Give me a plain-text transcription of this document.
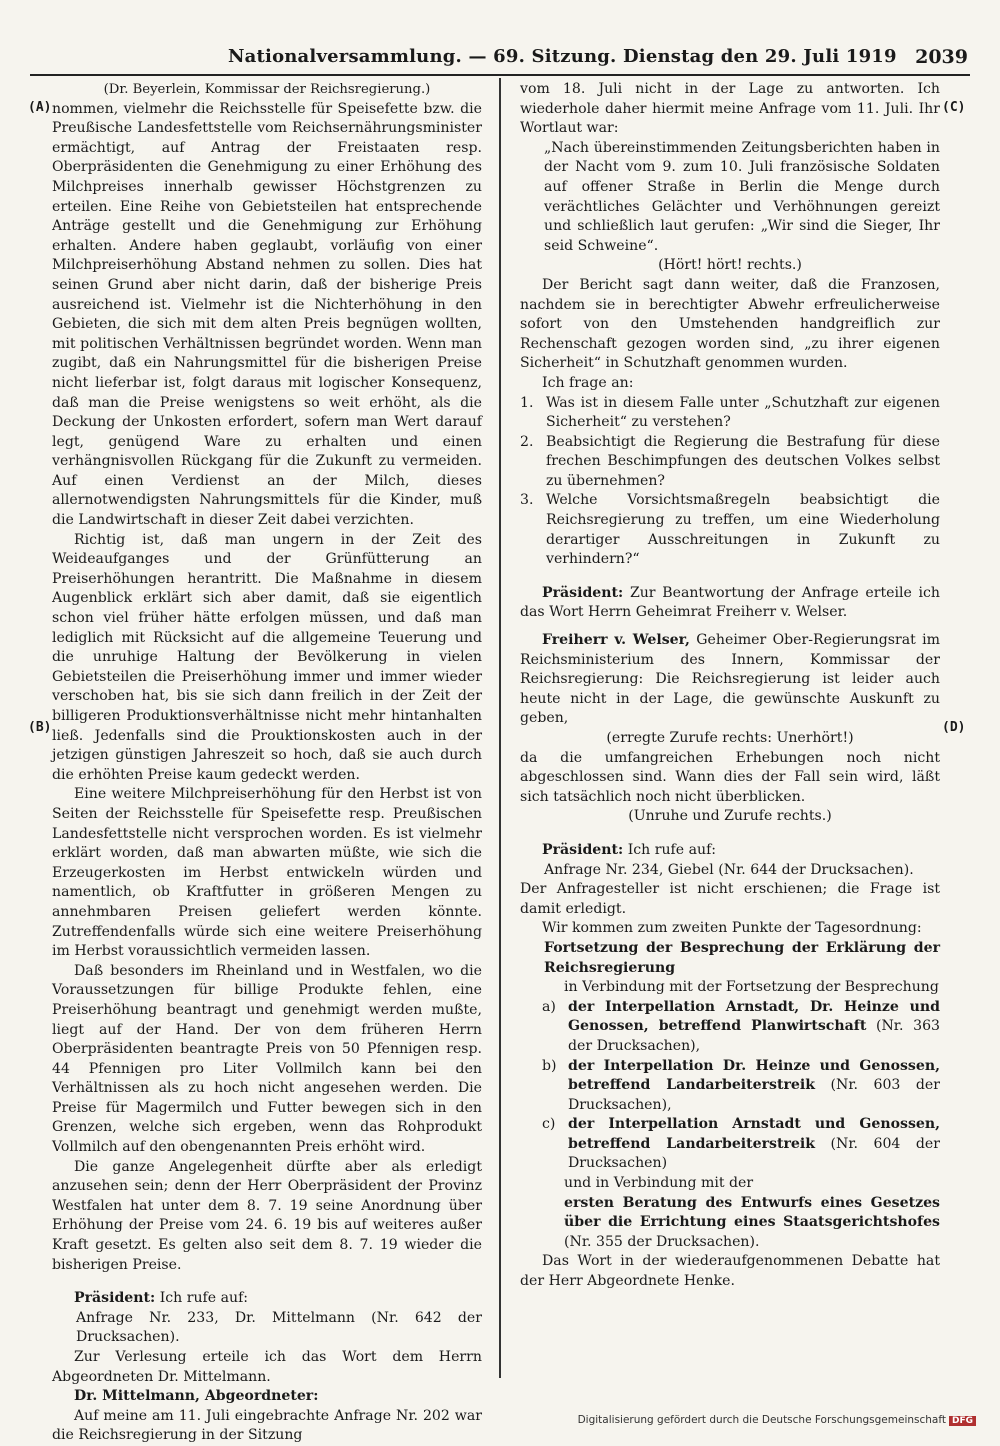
Nationalversammlung. — 69. Sitzung. Dienstag den 29. Juli 1919 2039
(A)
(B)
(C)
(D)

(Dr. Beyerlein, Kommissar der Reichsregierung.)

nommen, vielmehr die Reichsstelle für Speisefette bzw. die Preußische Landesfettstelle vom Reichsernährungsminister ermächtigt, auf Antrag der Freistaaten resp. Oberpräsidenten die Genehmigung zu einer Erhöhung des Milchpreises innerhalb gewisser Höchstgrenzen zu erteilen. Eine Reihe von Gebietsteilen hat entsprechende Anträge gestellt und die Genehmigung zur Erhöhung erhalten. Andere haben geglaubt, vorläufig von einer Milchpreiserhöhung Abstand nehmen zu sollen. Dies hat seinen Grund aber nicht darin, daß der bisherige Preis ausreichend ist. Vielmehr ist die Nichterhöhung in den Gebieten, die sich mit dem alten Preis begnügen wollten, mit politischen Verhältnissen begründet worden. Wenn man zugibt, daß ein Nahrungsmittel für die bisherigen Preise nicht lieferbar ist, folgt daraus mit logischer Konsequenz, daß man die Preise wenigstens so weit erhöht, als die Deckung der Unkosten erfordert, sofern man Wert darauf legt, genügend Ware zu erhalten und einen verhängnisvollen Rückgang für die Zukunft zu vermeiden. Auf einen Verdienst an der Milch, dieses allernotwendigsten Nahrungsmittels für die Kinder, muß die Landwirtschaft in dieser Zeit dabei verzichten.

Richtig ist, daß man ungern in der Zeit des Weideaufganges und der Grünfütterung an Preiserhöhungen herantritt. Die Maßnahme in diesem Augenblick erklärt sich aber damit, daß sie eigentlich schon viel früher hätte erfolgen müssen, und daß man lediglich mit Rücksicht auf die allgemeine Teuerung und die unruhige Haltung der Bevölkerung in vielen Gebietsteilen die Preiserhöhung immer und immer wieder verschoben hat, bis sie sich dann freilich in der Zeit der billigeren Produktionsverhältnisse nicht mehr hintanhalten ließ. Jedenfalls sind die Prouktionskosten auch in der jetzigen günstigen Jahreszeit so hoch, daß sie auch durch die erhöhten Preise kaum gedeckt werden.

Eine weitere Milchpreiserhöhung für den Herbst ist von Seiten der Reichsstelle für Speisefette resp. Preußischen Landesfettstelle nicht versprochen worden. Es ist vielmehr erklärt worden, daß man abwarten müßte, wie sich die Erzeugerkosten im Herbst entwickeln würden und namentlich, ob Kraftfutter in größeren Mengen zu annehmbaren Preisen geliefert werden könnte. Zutreffendenfalls würde sich eine weitere Preiserhöhung im Herbst voraussichtlich vermeiden lassen.

Daß besonders im Rheinland und in Westfalen, wo die Voraussetzungen für billige Produkte fehlen, eine Preiserhöhung beantragt und genehmigt werden mußte, liegt auf der Hand. Der von dem früheren Herrn Oberpräsidenten beantragte Preis von 50 Pfennigen resp. 44 Pfennigen pro Liter Vollmilch kann bei den Verhältnissen als zu hoch nicht angesehen werden. Die Preise für Magermilch und Futter bewegen sich in den Grenzen, welche sich ergeben, wenn das Rohprodukt Vollmilch auf den obengenannten Preis erhöht wird.

Die ganze Angelegenheit dürfte aber als erledigt anzusehen sein; denn der Herr Oberpräsident der Provinz Westfalen hat unter dem 8. 7. 19 seine Anordnung über Erhöhung der Preise vom 24. 6. 19 bis auf weiteres außer Kraft gesetzt. Es gelten also seit dem 8. 7. 19 wieder die bisherigen Preise.

Präsident: Ich rufe auf:

Anfrage Nr. 233, Dr. Mittelmann (Nr. 642 der Drucksachen).

Zur Verlesung erteile ich das Wort dem Herrn Abgeordneten Dr. Mittelmann.

Dr. Mittelmann, Abgeordneter:

Auf meine am 11. Juli eingebrachte Anfrage Nr. 202 war die Reichsregierung in der Sitzung

vom 18. Juli nicht in der Lage zu antworten. Ich wiederhole daher hiermit meine Anfrage vom 11. Juli. Ihr Wortlaut war:

„Nach übereinstimmenden Zeitungsberichten haben in der Nacht vom 9. zum 10. Juli französische Soldaten auf offener Straße in Berlin die Menge durch verächtliches Gelächter und Verhöhnungen gereizt und schließlich laut gerufen: „Wir sind die Sieger, Ihr seid Schweine“.

(Hört! hört! rechts.)

Der Bericht sagt dann weiter, daß die Franzosen, nachdem sie in berechtigter Abwehr erfreulicherweise sofort von den Umstehenden handgreiflich zur Rechenschaft gezogen worden sind, „zu ihrer eigenen Sicherheit“ in Schutzhaft genommen wurden.

Ich frage an:

1. Was ist in diesem Falle unter „Schutzhaft zur eigenen Sicherheit“ zu verstehen?

2. Beabsichtigt die Regierung die Bestrafung für diese frechen Beschimpfungen des deutschen Volkes selbst zu übernehmen?

3. Welche Vorsichtsmaßregeln beabsichtigt die Reichsregierung zu treffen, um eine Wiederholung derartiger Ausschreitungen in Zukunft zu verhindern?“

Präsident: Zur Beantwortung der Anfrage erteile ich das Wort Herrn Geheimrat Freiherr v. Welser.

Freiherr v. Welser, Geheimer Ober-Regierungsrat im Reichsministerium des Innern, Kommissar der Reichsregierung: Die Reichsregierung ist leider auch heute nicht in der Lage, die gewünschte Auskunft zu geben,

(erregte Zurufe rechts: Unerhört!)

da die umfangreichen Erhebungen noch nicht abgeschlossen sind. Wann dies der Fall sein wird, läßt sich tatsächlich noch nicht überblicken.

(Unruhe und Zurufe rechts.)

Präsident: Ich rufe auf:

Anfrage Nr. 234, Giebel (Nr. 644 der Drucksachen).

Der Anfragesteller ist nicht erschienen; die Frage ist damit erledigt.

Wir kommen zum zweiten Punkte der Tagesordnung:

Fortsetzung der Besprechung der Erklärung der Reichsregierung

in Verbindung mit der Fortsetzung der Besprechung

a) der Interpellation Arnstadt, Dr. Heinze und Genossen, betreffend Planwirtschaft (Nr. 363 der Drucksachen),

b) der Interpellation Dr. Heinze und Genossen, betreffend Landarbeiterstreik (Nr. 603 der Drucksachen),

c) der Interpellation Arnstadt und Genossen, betreffend Landarbeiterstreik (Nr. 604 der Drucksachen)

und in Verbindung mit der

ersten Beratung des Entwurfs eines Gesetzes über die Errichtung eines Staatsgerichtshofes (Nr. 355 der Drucksachen).

Das Wort in der wiederaufgenommenen Debatte hat der Herr Abgeordnete Henke.

Digitalisierung gefördert durch die Deutsche Forschungsgemeinschaft DFG
